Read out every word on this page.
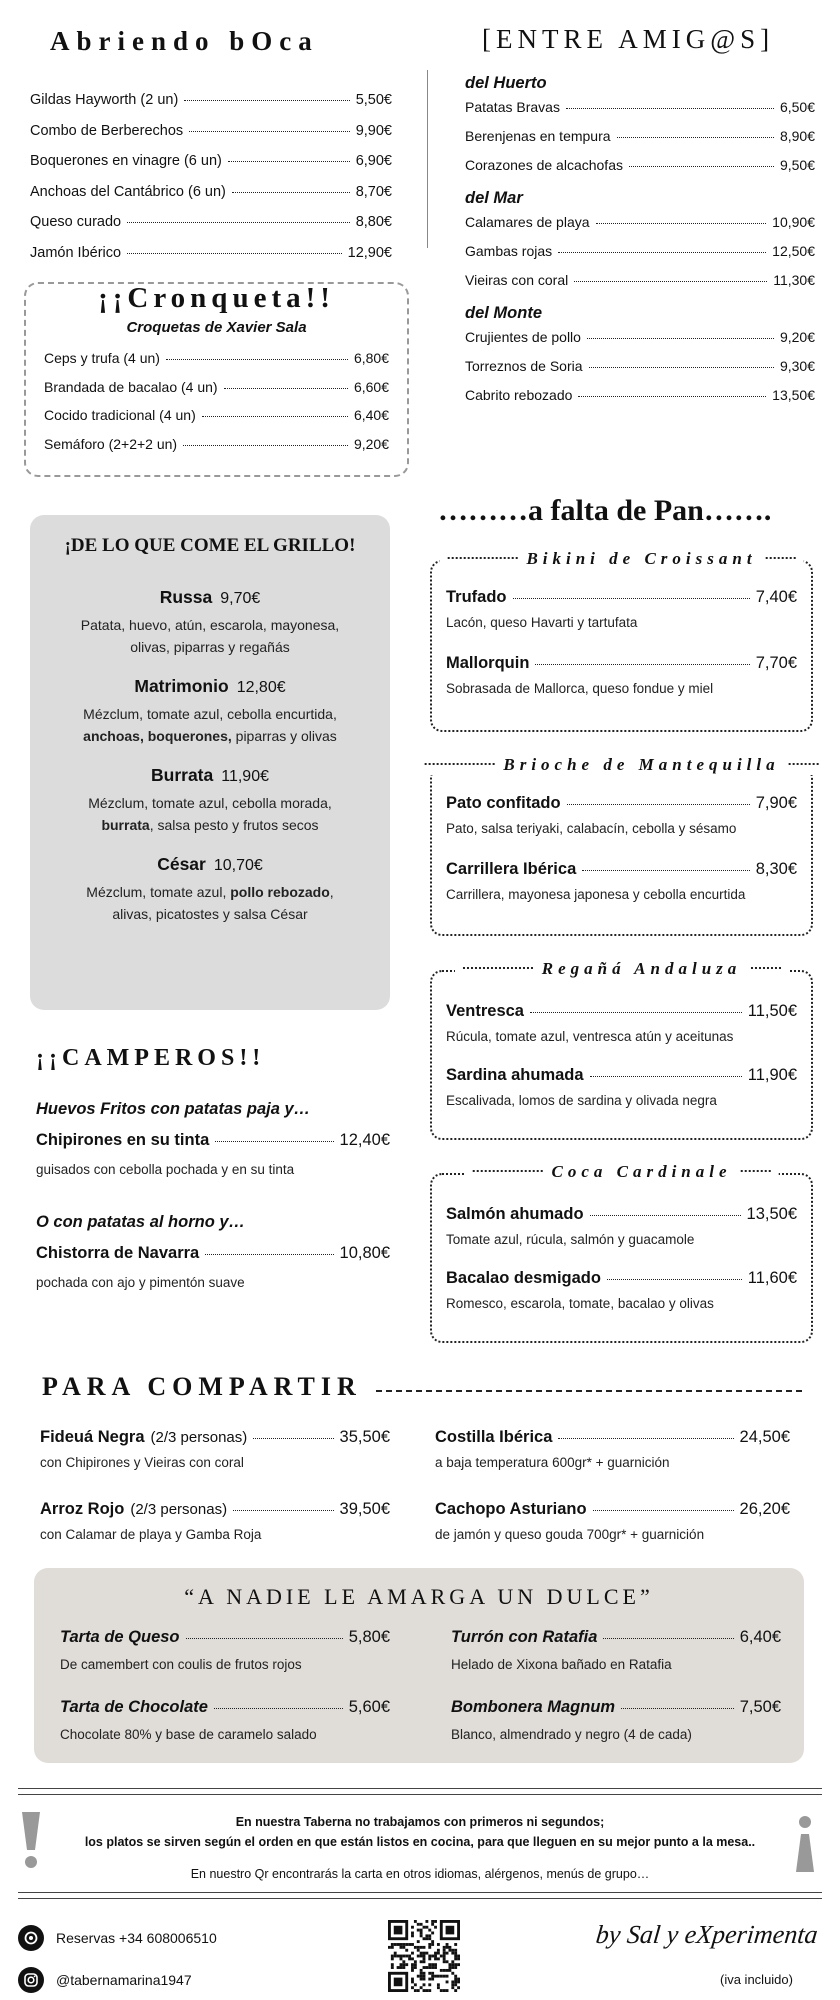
Abriendo bOca
Gildas Hayworth (2 un)	5,50€
Combo de Berberechos	9,90€
Boquerones en vinagre (6 un)	6,90€
Anchoas del Cantábrico (6 un)	8,70€
Queso curado	8,80€
Jamón Ibérico	12,90€
¡¡Cronqueta!!
Croquetas de Xavier Sala
Ceps y trufa (4 un)	6,80€
Brandada de bacalao (4 un)	6,60€
Cocido tradicional (4 un)	6,40€
Semáforo (2+2+2 un)	9,20€
[ENTRE AMIG@S]
del Huerto
Patatas Bravas	6,50€
Berenjenas en tempura	8,90€
Corazones de alcachofas	9,50€
del Mar
Calamares de playa	10,90€
Gambas rojas	12,50€
Vieiras con coral	11,30€
del Monte
Crujientes de pollo	9,20€
Torreznos de Soria	9,30€
Cabrito rebozado	13,50€
¡DE LO QUE COME EL GRILLO!
Russa 9,70€
Patata, huevo, atún, escarola, mayonesa,
olivas, piparras y regañás
Matrimonio 12,80€
Mézclum, tomate azul, cebolla encurtida,
anchoas, boquerones, piparras y olivas
Burrata 11,90€
Mézclum, tomate azul, cebolla morada,
burrata, salsa pesto y frutos secos
César 10,70€
Mézclum, tomate azul, pollo rebozado,
alivas, picatostes y salsa César
¡¡CAMPEROS!!
Huevos Fritos con patatas paja y…
Chipirones en su tinta	12,40€
guisados con cebolla pochada y en su tinta
O con patatas al horno y…
Chistorra de Navarra	10,80€
pochada con ajo y pimentón suave
………a falta de Pan…….
Bikini de Croissant
Trufado	7,40€
Lacón, queso Havarti y tartufata
Mallorquin	7,70€
Sobrasada de Mallorca, queso fondue y miel
Brioche de Mantequilla
Pato confitado	7,90€
Pato, salsa teriyaki, calabacín, cebolla y sésamo
Carrillera Ibérica	8,30€
Carrillera, mayonesa japonesa y cebolla encurtida
Regañá Andaluza
Ventresca	11,50€
Rúcula, tomate azul, ventresca atún y aceitunas
Sardina ahumada	11,90€
Escalivada, lomos de sardina y olivada negra
Coca Cardinale
Salmón ahumado	13,50€
Tomate azul, rúcula, salmón y guacamole
Bacalao desmigado	11,60€
Romesco, escarola, tomate, bacalao y olivas
PARA COMPARTIR
Fideuá Negra (2/3 personas)	35,50€
con Chipirones y Vieiras con coral
Arroz Rojo (2/3 personas)	39,50€
con Calamar de playa y Gamba Roja
Costilla Ibérica	24,50€
a baja temperatura 600gr* + guarnición
Cachopo Asturiano	26,20€
de jamón y queso gouda 700gr* + guarnición
“A NADIE LE AMARGA UN DULCE”
Tarta de Queso	5,80€
De camembert con coulis de frutos rojos
Tarta de Chocolate	5,60€
Chocolate 80% y base de caramelo salado
Turrón con Ratafia	6,40€
Helado de Xixona bañado en Ratafia
Bombonera Magnum	7,50€
Blanco, almendrado y negro (4 de cada)
En nuestra Taberna no trabajamos con primeros ni segundos;
los platos se sirven según el orden en que están listos en cocina, para que lleguen en su mejor punto a la mesa..
En nuestro Qr encontrarás la carta en otros idiomas, alérgenos, menús de grupo…
Reservas +34 608006510
@tabernamarina1947
by Sal y eXperimenta
(iva incluido)
